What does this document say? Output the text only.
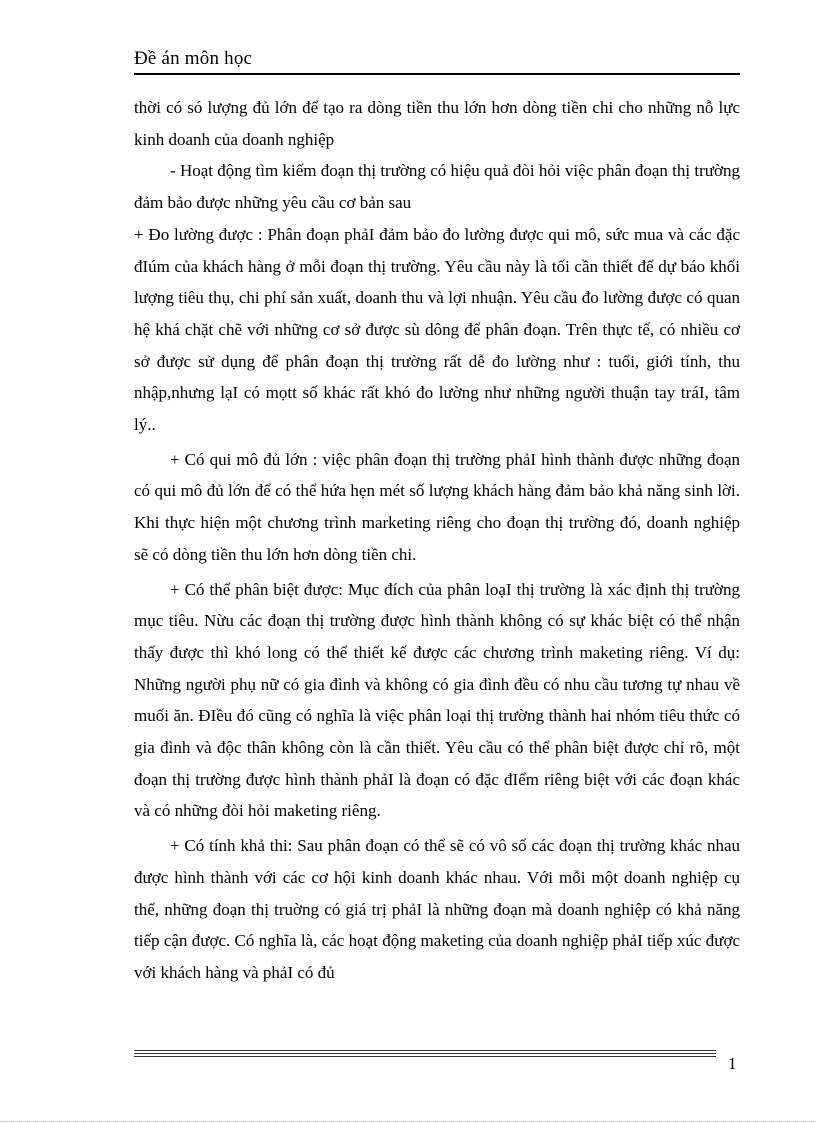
Đề án môn học

thời có só lượng đủ lớn để tạo ra dòng tiền thu lớn hơn dòng tiền chi cho những nỗ lực kinh doanh của doanh nghiệp

- Hoạt động tìm kiếm đoạn thị trường có hiệu quả đòi hỏi việc phân đoạn thị trường đảm bảo được những yêu cầu cơ bản sau

+ Đo lường được : Phân đoạn phảI đảm bảo đo lường được qui mô, sức mua và các đặc đIúm của khách hàng ở mỗi đoạn thị trường. Yêu cầu này là tối cần thiết để dự báo khối lượng tiêu thụ, chi phí sản xuất, doanh thu và lợi nhuận. Yêu cầu đo lường được có quan hệ khá chặt chẽ với những cơ sở được sù dông để phân đoạn. Trên thực tế, có nhiều cơ sở được sử dụng để phân đoạn thị trường rất dễ đo lường như : tuổi, giới tính, thu nhập,nhưng lạI có mọtt số khác rất khó đo lường như những người thuận tay tráI, tâm lý..

+ Có qui mô đủ lớn : việc phân đoạn thị trường phảI hình thành được những đoạn có qui mô đủ lớn để có thể hứa hẹn mét số lượng khách hàng đảm bảo khả năng sinh lời. Khi thực hiện một chương trình marketing riêng cho đoạn thị trường đó, doanh nghiệp sẽ có dòng tiền thu lớn hơn dòng tiền chi.

+ Có thể phân biệt được: Mục đích của phân loạI thị trường là xác định thị trường mục tiêu. Nừu các đoạn thị trường được hình thành không có sự khác biệt có thể nhận thấy được thì khó long có thể thiết kế được các chương trình maketing riêng. Ví dụ: Những người phụ nữ có gia đình và không có gia đình đều có nhu cầu tương tự nhau về muối ăn. ĐIều đó cũng có nghĩa là việc phân loại thị trường thành hai nhóm tiêu thức có gia đình và độc thân không còn là cần thiết. Yêu cầu có thể phân biệt được chỉ rõ, một đoạn thị trường được hình thành phảI là đoạn có đặc đIểm riêng biệt với các đoạn khác và có những đòi hỏi maketing riêng.

+ Có tính khả thi: Sau phân đoạn có thể sẽ có vô số các đoạn thị trường khác nhau được hình thành với các cơ hội kinh doanh khác nhau. Với mỗi một doanh nghiệp cụ thể, những đoạn thị truờng có giá trị phảI là những đoạn mà doanh nghiệp có khả năng tiếp cận được. Có nghĩa là, các hoạt động maketing của doanh nghiệp phảI tiếp xúc được với khách hàng và phảI có đủ

1
